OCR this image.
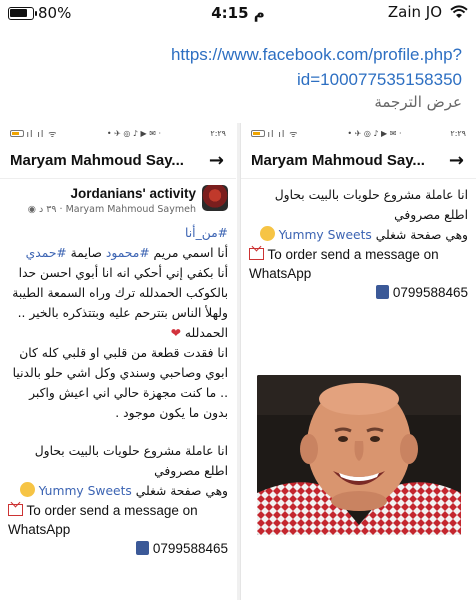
80%	4:15 م	Zain JO
https://www.facebook.com/profile.php?id=100077535158350
عرض الترجمة
ıl ıl ᯤ	• ✈ ◎ ♪ ▶ ✉ ·	٢:٢٩
Maryam Mahmoud Say... →
Jordanians' activity
Maryam Mahmoud Saymeh · ٣٩ د ◉
#من_أنا
أنا اسمي مريم #محمود صايمة #حمدي
أنا بكفي إني أحكي انه انا أبوي احسن حدا بالكوكب الحمدلله ترك وراه السمعة الطيبة ولهلأ الناس بتترحم عليه وبتتذكره بالخير .. الحمدلله ❤
انا فقدت قطعة من قلبي او قلبي كله كان ابوي وصاحبي وسندي وكل اشي حلو بالدنيا .. ما كنت مجهزة حالي اني اعيش واكبر بدون ما يكون موجود .
انا عاملة مشروع حلويات بالبيت بحاول اطلع مصروفي
وهي صفحة شغلي Yummy Sweets
To order send a message on WhatsApp
0799588465
ıl ıl ᯤ	• ✈ ◎ ♪ ▶ ✉ ·	٢:٢٩
Maryam Mahmoud Say... →
انا عاملة مشروع حلويات بالبيت بحاول اطلع مصروفي
وهي صفحة شغلي Yummy Sweets
To order send a message on WhatsApp
0799588465
